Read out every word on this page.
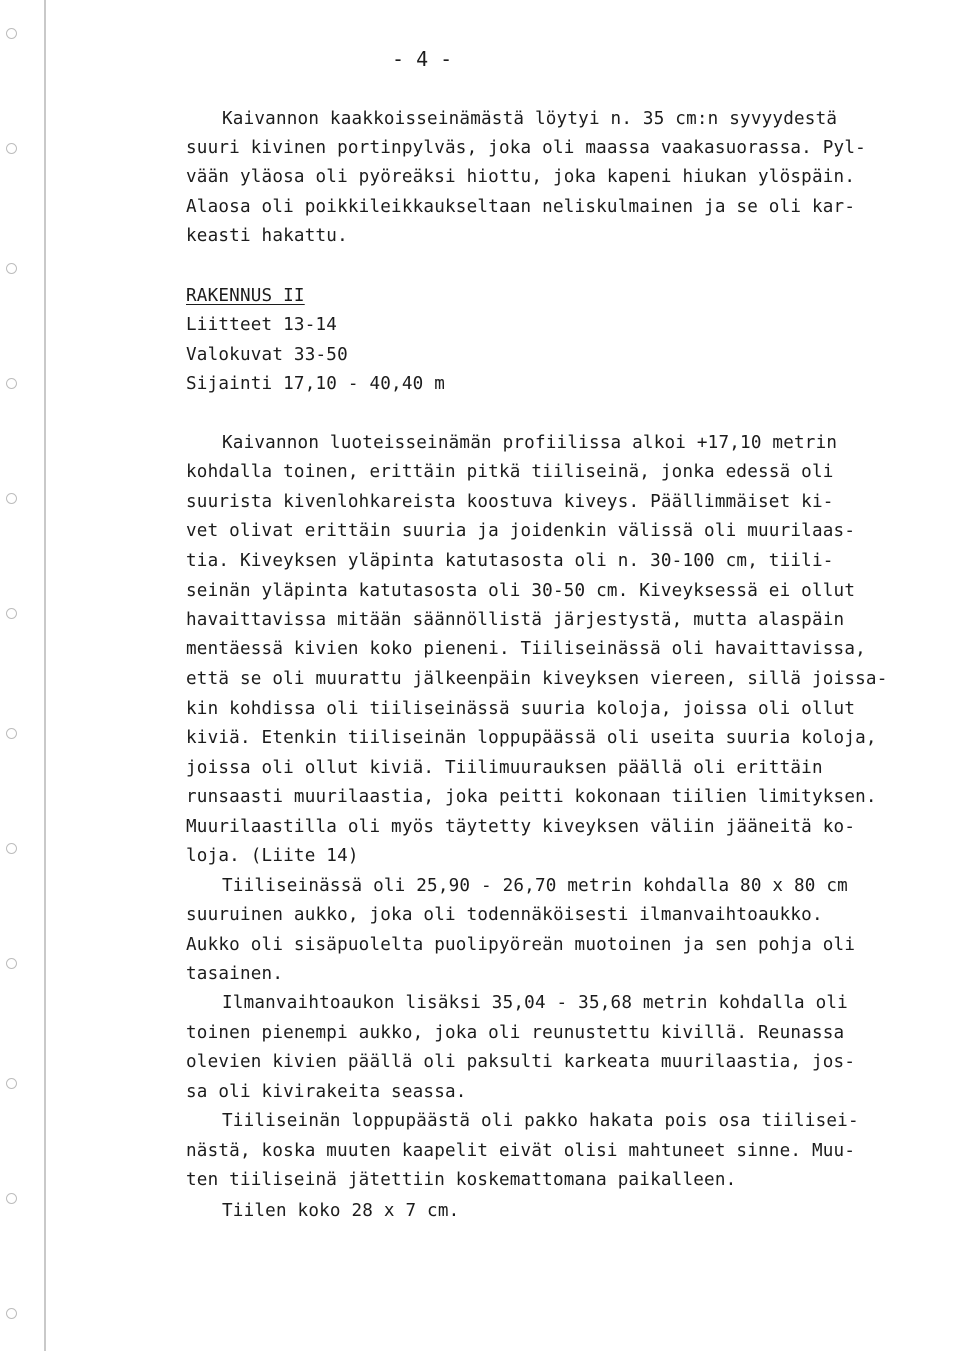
- 4 -
Kaivannon kaakkoisseinämästä löytyi n. 35 cm:n syvyydestä
suuri kivinen portinpylväs, joka oli maassa vaakasuorassa. Pyl-
vään yläosa oli pyöreäksi hiottu, joka kapeni hiukan ylöspäin.
Alaosa oli poikkileikkaukseltaan neliskulmainen ja se oli kar-
keasti hakattu.
RAKENNUS II
Liitteet 13-14
Valokuvat 33-50
Sijainti 17,10 - 40,40 m
Kaivannon luoteisseinämän profiilissa alkoi +17,10 metrin
kohdalla toinen, erittäin pitkä tiiliseinä, jonka edessä oli
suurista kivenlohkareista koostuva kiveys. Päällimmäiset ki-
vet olivat erittäin suuria ja joidenkin välissä oli muurilaas-
tia. Kiveyksen yläpinta katutasosta oli n. 30-100 cm, tiili-
seinän yläpinta katutasosta oli 30-50 cm. Kiveyksessä ei ollut
havaittavissa mitään säännöllistä järjestystä, mutta alaspäin
mentäessä kivien koko pieneni. Tiiliseinässä oli havaittavissa,
että se oli muurattu jälkeenpäin kiveyksen viereen, sillä joissa-
kin kohdissa oli tiiliseinässä suuria koloja, joissa oli ollut
kiviä. Etenkin tiiliseinän loppupäässä oli useita suuria koloja,
joissa oli ollut kiviä. Tiilimuurauksen päällä oli erittäin
runsaasti muurilaastia, joka peitti kokonaan tiilien limityksen.
Muurilaastilla oli myös täytetty kiveyksen väliin jääneitä ko-
loja. (Liite 14)
Tiiliseinässä oli 25,90 - 26,70 metrin kohdalla 80 x 80 cm
suuruinen aukko, joka oli todennäköisesti ilmanvaihtoaukko.
Aukko oli sisäpuolelta puolipyöreän muotoinen ja sen pohja oli
tasainen.
Ilmanvaihtoaukon lisäksi 35,04 - 35,68 metrin kohdalla oli
toinen pienempi aukko, joka oli reunustettu kivillä. Reunassa
olevien kivien päällä oli paksulti karkeata muurilaastia, jos-
sa oli kivirakeita seassa.
Tiiliseinän loppupäästä oli pakko hakata pois osa tiilisei-
nästä, koska muuten kaapelit eivät olisi mahtuneet sinne. Muu-
ten tiiliseinä jätettiin koskemattomana paikalleen.
Tiilen koko 28 x 7 cm.
